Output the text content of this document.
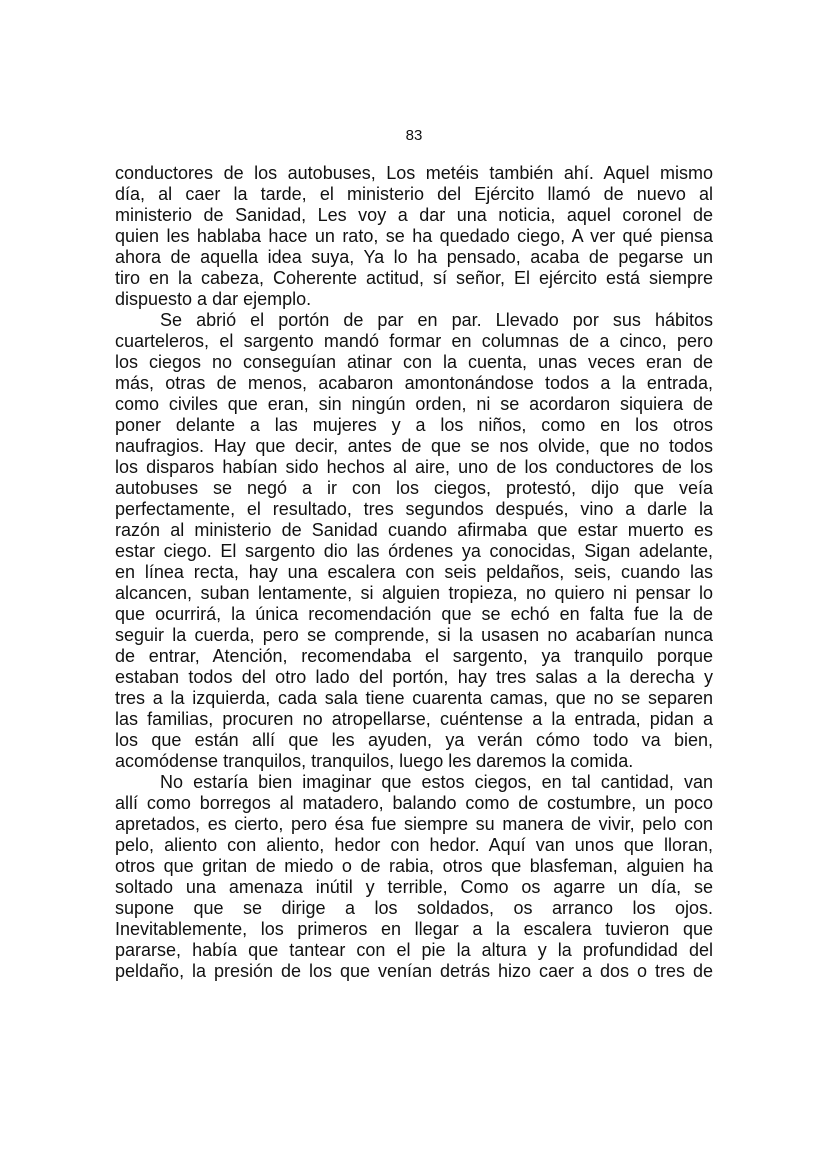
83
conductores de los autobuses, Los metéis también ahí. Aquel mismo
día, al caer la tarde, el ministerio del Ejército llamó de nuevo al
ministerio de Sanidad, Les voy a dar una noticia, aquel coronel de
quien les hablaba hace un rato, se ha quedado ciego, A ver qué piensa
ahora de aquella idea suya, Ya lo ha pensado, acaba de pegarse un
tiro en la cabeza, Coherente actitud, sí señor, El ejército está siempre
dispuesto a dar ejemplo.
Se abrió el portón de par en par. Llevado por sus hábitos
cuarteleros, el sargento mandó formar en columnas de a cinco, pero
los ciegos no conseguían atinar con la cuenta, unas veces eran de
más, otras de menos, acabaron amontonándose todos a la entrada,
como civiles que eran, sin ningún orden, ni se acordaron siquiera de
poner delante a las mujeres y a los niños, como en los otros
naufragios. Hay que decir, antes de que se nos olvide, que no todos
los disparos habían sido hechos al aire, uno de los conductores de los
autobuses se negó a ir con los ciegos, protestó, dijo que veía
perfectamente, el resultado, tres segundos después, vino a darle la
razón al ministerio de Sanidad cuando afirmaba que estar muerto es
estar ciego. El sargento dio las órdenes ya conocidas, Sigan adelante,
en línea recta, hay una escalera con seis peldaños, seis, cuando las
alcancen, suban lentamente, si alguien tropieza, no quiero ni pensar lo
que ocurrirá, la única recomendación que se echó en falta fue la de
seguir la cuerda, pero se comprende, si la usasen no acabarían nunca
de entrar, Atención, recomendaba el sargento, ya tranquilo porque
estaban todos del otro lado del portón, hay tres salas a la derecha y
tres a la izquierda, cada sala tiene cuarenta camas, que no se separen
las familias, procuren no atropellarse, cuéntense a la entrada, pidan a
los que están allí que les ayuden, ya verán cómo todo va bien,
acomódense tranquilos, tranquilos, luego les daremos la comida.
No estaría bien imaginar que estos ciegos, en tal cantidad, van
allí como borregos al matadero, balando como de costumbre, un poco
apretados, es cierto, pero ésa fue siempre su manera de vivir, pelo con
pelo, aliento con aliento, hedor con hedor. Aquí van unos que lloran,
otros que gritan de miedo o de rabia, otros que blasfeman, alguien ha
soltado una amenaza inútil y terrible, Como os agarre un día, se
supone que se dirige a los soldados, os arranco los ojos.
Inevitablemente, los primeros en llegar a la escalera tuvieron que
pararse, había que tantear con el pie la altura y la profundidad del
peldaño, la presión de los que venían detrás hizo caer a dos o tres de
